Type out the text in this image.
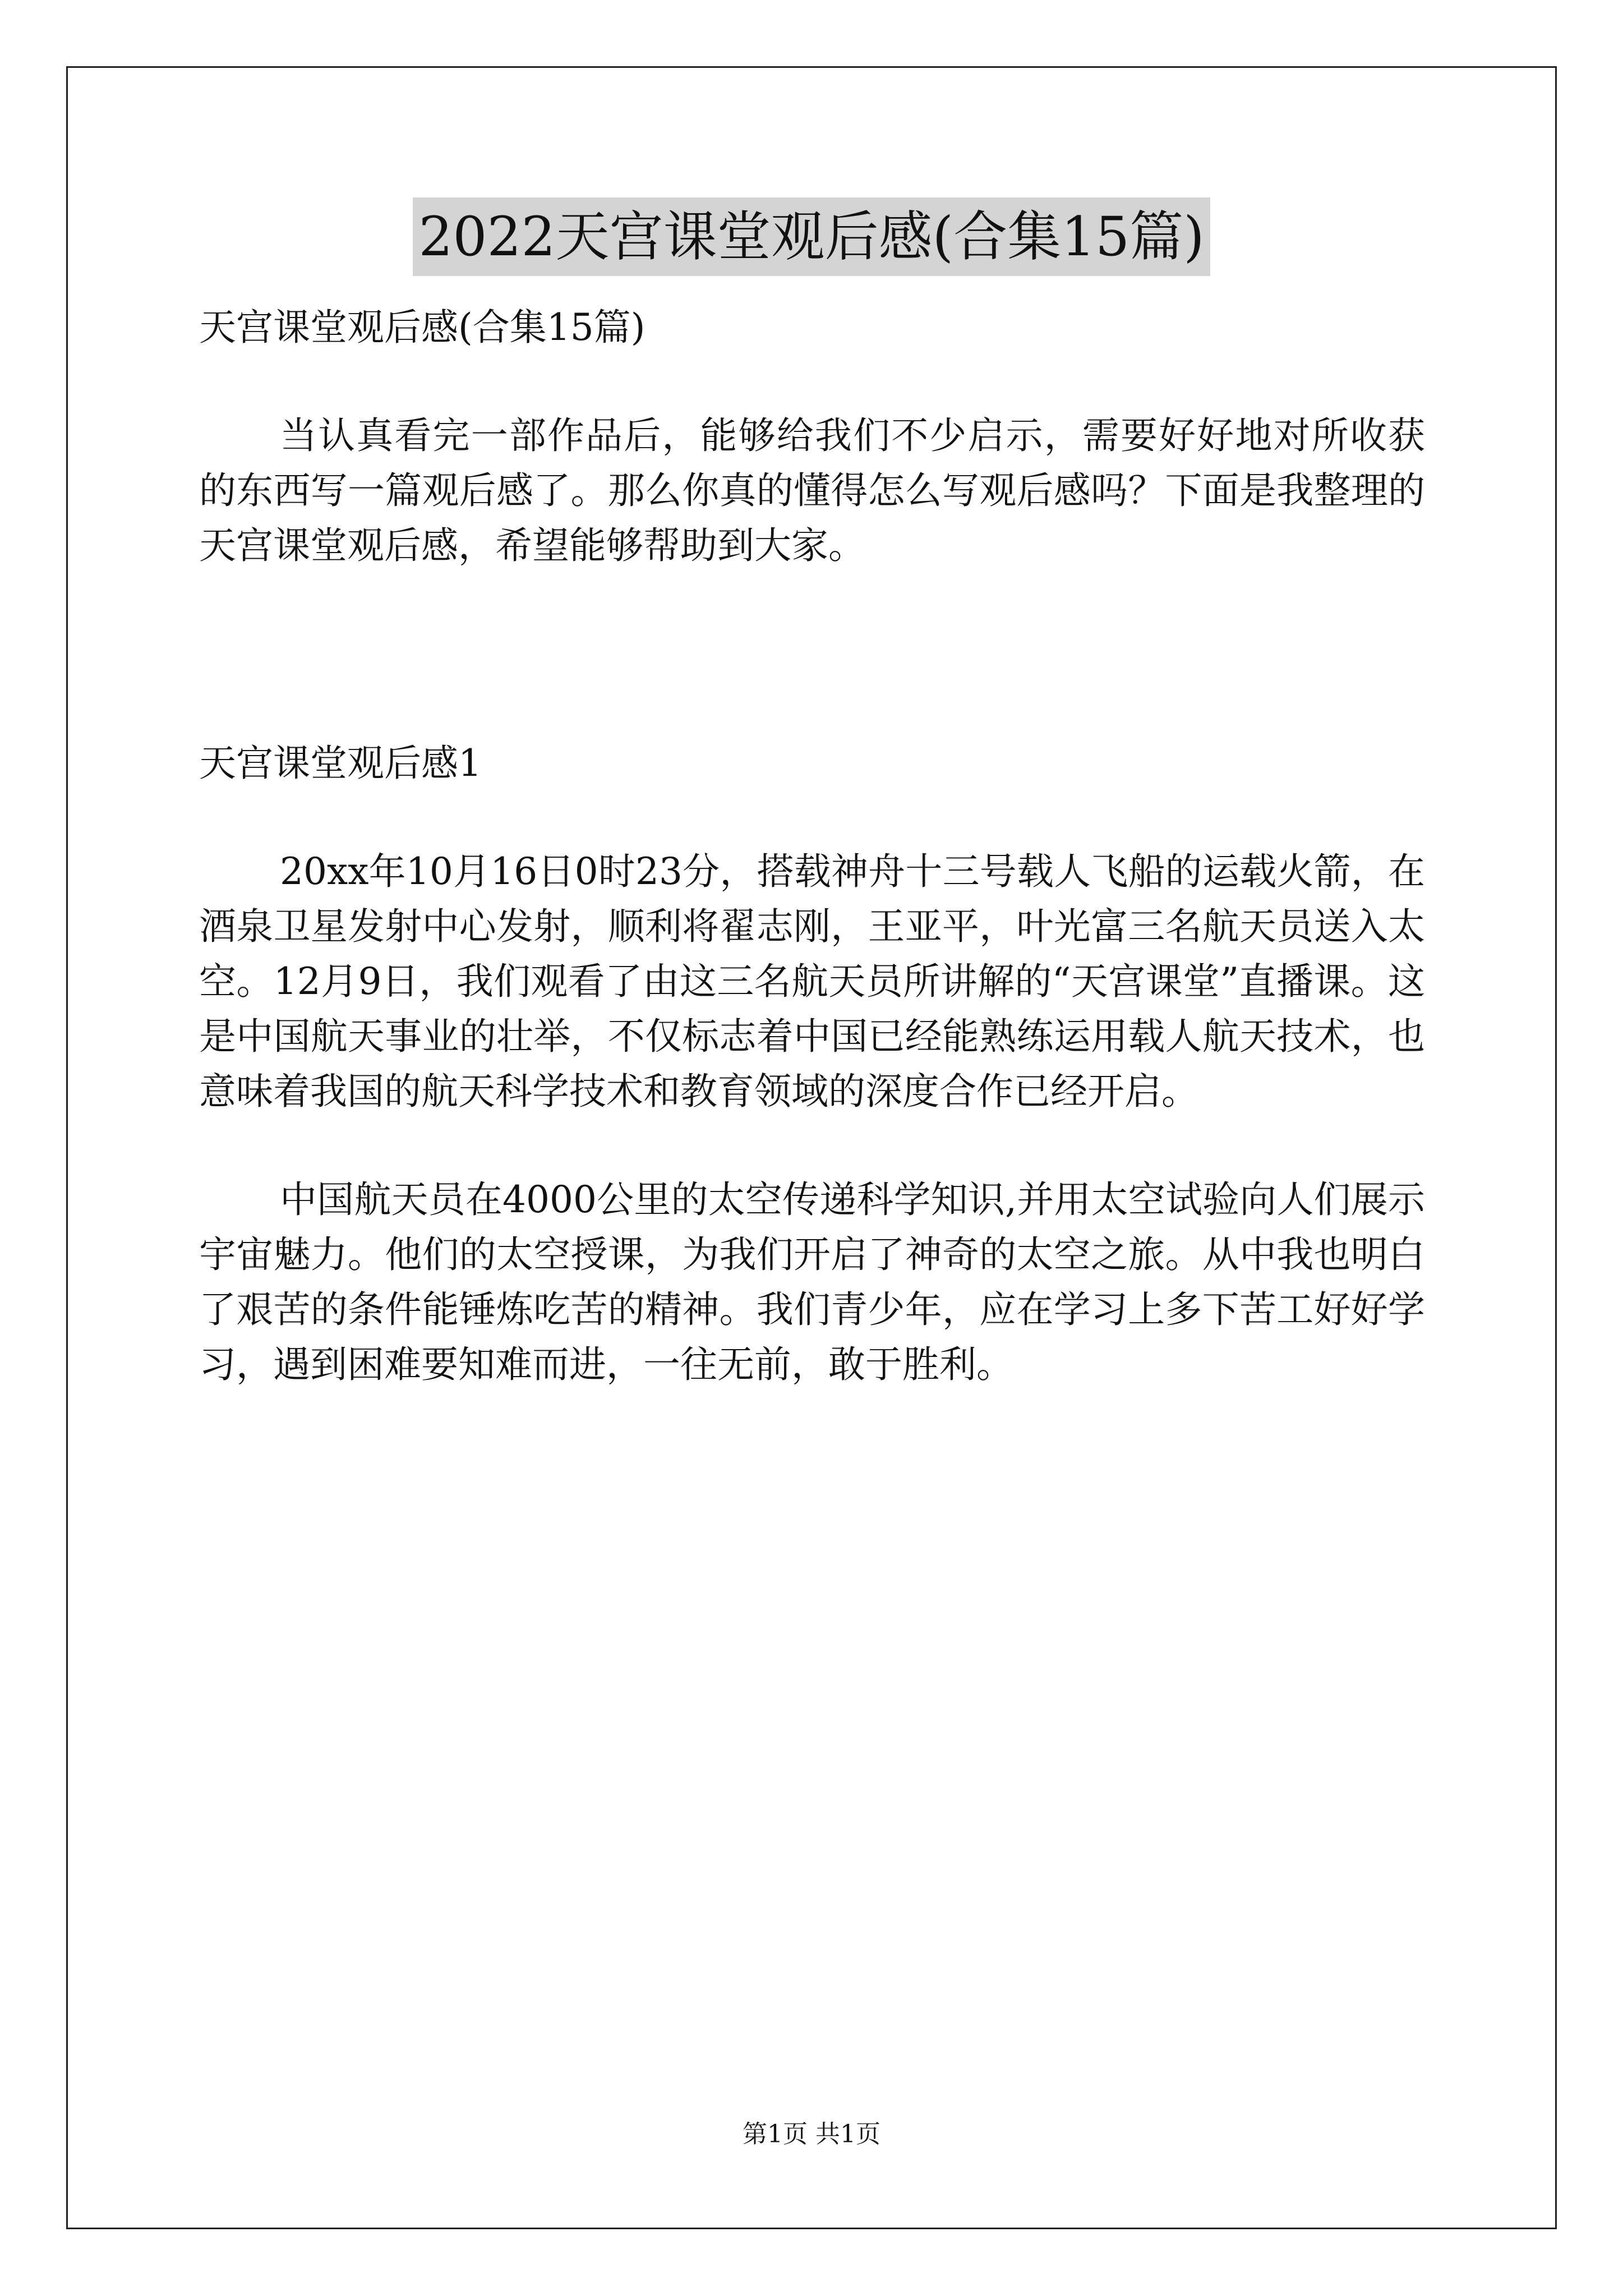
2022天宫课堂观后感(合集15篇)
天宫课堂观后感(合集15篇)
当认真看完一部作品后，能够给我们不少启示，需要好好地对所收获的东西写一篇观后感了。那么你真的懂得怎么写观后感吗？下面是我整理的天宫课堂观后感，希望能够帮助到大家。
天宫课堂观后感1
20xx年10月16日0时23分，搭载神舟十三号载人飞船的运载火箭，在酒泉卫星发射中心发射，顺利将翟志刚，王亚平，叶光富三名航天员送入太空。12月9日，我们观看了由这三名航天员所讲解的“天宫课堂”直播课。这是中国航天事业的壮举，不仅标志着中国已经能熟练运用载人航天技术，也意味着我国的航天科学技术和教育领域的深度合作已经开启。
中国航天员在4000公里的太空传递科学知识,并用太空试验向人们展示宇宙魅力。他们的太空授课，为我们开启了神奇的太空之旅。从中我也明白了艰苦的条件能锤炼吃苦的精神。我们青少年，应在学习上多下苦工好好学习，遇到困难要知难而进，一往无前，敢于胜利。
第1页 共1页
